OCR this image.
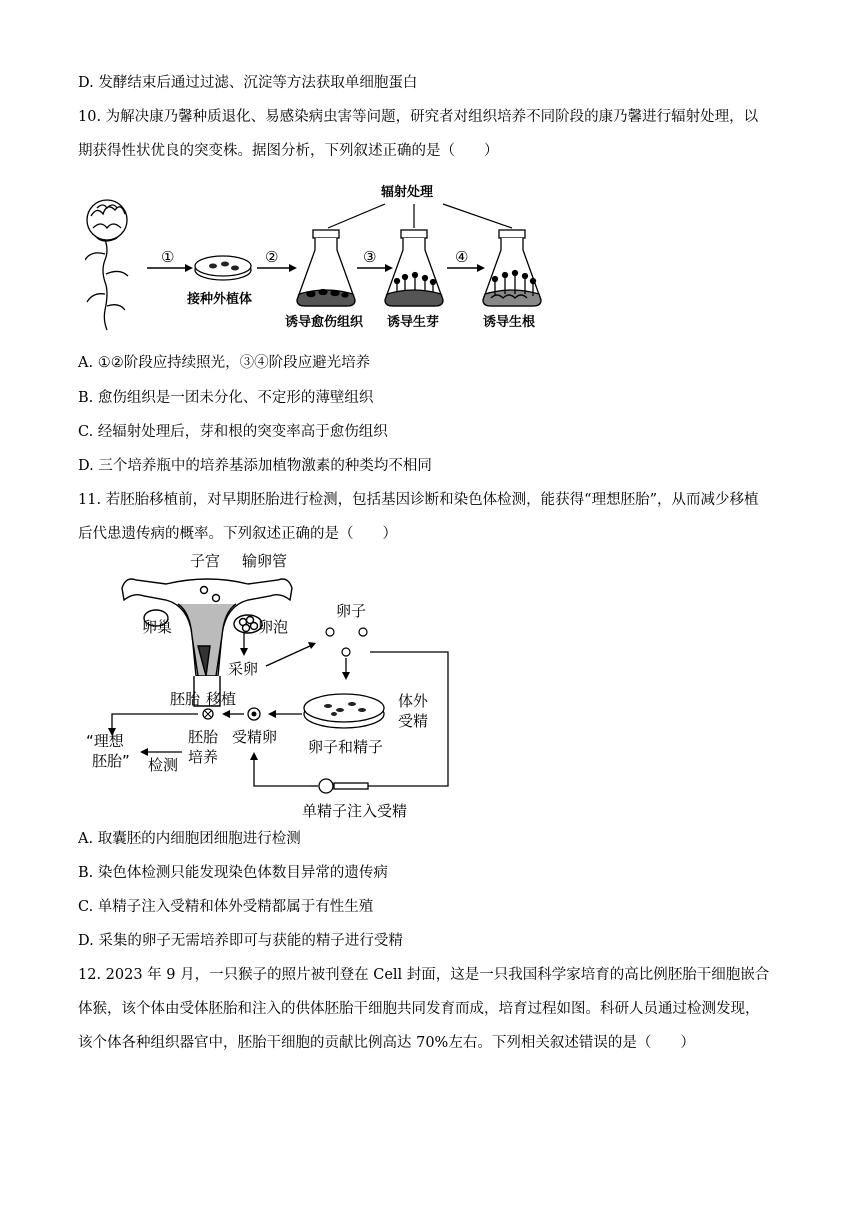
D. 发酵结束后通过过滤、沉淀等方法获取单细胞蛋白
10. 为解决康乃馨种质退化、易感染病虫害等问题，研究者对组织培养不同阶段的康乃馨进行辐射处理，以
期获得性状优良的突变株。据图分析，下列叙述正确的是（　　）
①
接种外植体
②
诱导愈伤组织
③
诱导生芽
④
诱导生根
辐射处理
A. ①②阶段应持续照光，③④阶段应避光培养
B. 愈伤组织是一团未分化、不定形的薄壁组织
C. 经辐射处理后，芽和根的突变率高于愈伤组织
D. 三个培养瓶中的培养基添加植物激素的种类均不相同
11. 若胚胎移植前，对早期胚胎进行检测，包括基因诊断和染色体检测，能获得“理想胚胎”，从而减少移植
后代患遗传病的概率。下列叙述正确的是（　　）
子宫 输卵管
卵巢	卵泡
采卵
卵子
体外
受精
卵子和精子
受精卵
胚胎 移植
胚胎
培养
“理想
胚胎” 检测
单精子注入受精
A. 取囊胚的内细胞团细胞进行检测
B. 染色体检测只能发现染色体数目异常的遗传病
C. 单精子注入受精和体外受精都属于有性生殖
D. 采集的卵子无需培养即可与获能的精子进行受精
12. 2023 年 9 月，一只猴子的照片被刊登在 Cell 封面，这是一只我国科学家培育的高比例胚胎干细胞嵌合
体猴，该个体由受体胚胎和注入的供体胚胎干细胞共同发育而成，培育过程如图。科研人员通过检测发现，
该个体各种组织器官中，胚胎干细胞的贡献比例高达 70%左右。下列相关叙述错误的是（　　）
